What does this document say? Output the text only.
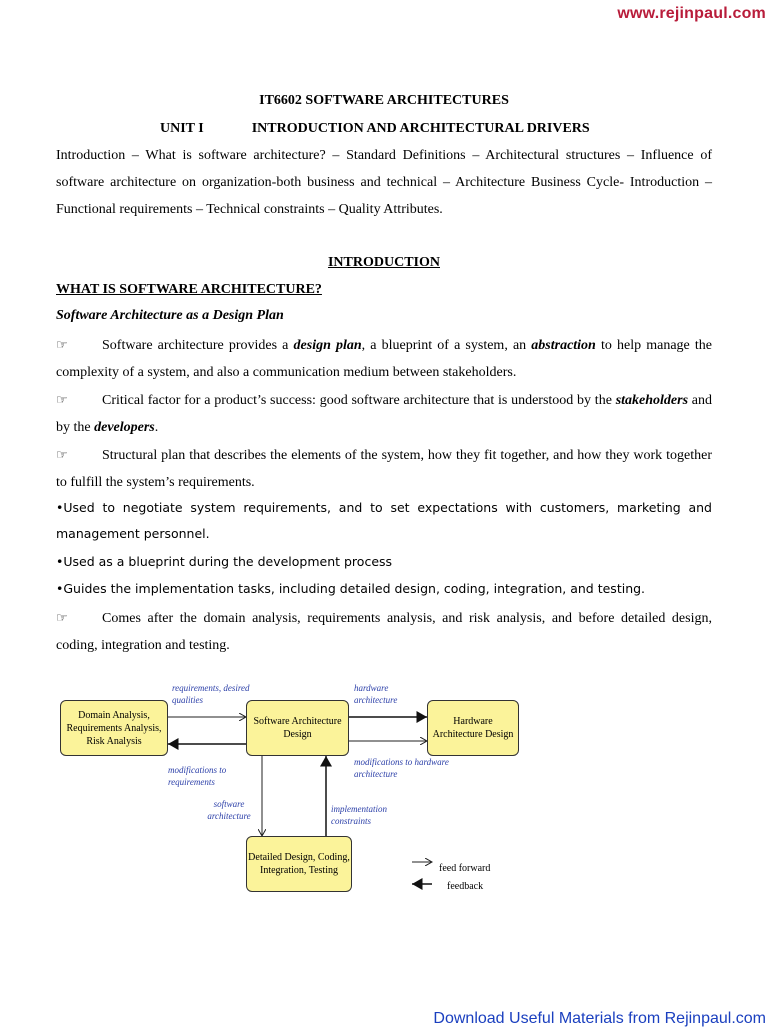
www.rejinpaul.com
IT6602 SOFTWARE ARCHITECTURES
UNIT I	INTRODUCTION AND ARCHITECTURAL DRIVERS
Introduction – What is software architecture? – Standard Definitions – Architectural structures – Influence of software architecture on organization-both business and technical – Architecture Business Cycle- Introduction – Functional requirements – Technical constraints – Quality Attributes.
INTRODUCTION
WHAT IS SOFTWARE ARCHITECTURE?
Software Architecture as a Design Plan
☞ Software architecture provides a design plan, a blueprint of a system, an abstraction to help manage the complexity of a system, and also a communication medium between stakeholders.
☞ Critical factor for a product’s success: good software architecture that is understood by the stakeholders and by the developers.
☞ Structural plan that describes the elements of the system, how they fit together, and how they work together to fulfill the system’s requirements.
•Used to negotiate system requirements, and to set expectations with customers, marketing and management personnel.
•Used as a blueprint during the development process
•Guides the implementation tasks, including detailed design, coding, integration, and testing.
☞ Comes after the domain analysis, requirements analysis, and risk analysis, and before detailed design, coding, integration and testing.
Domain Analysis, Requirements Analysis, Risk Analysis
Software Architecture Design
Hardware Architecture Design
Detailed Design, Coding, Integration, Testing
requirements, desired qualities
modifications to requirements
hardware architecture
modifications to hardware architecture
software architecture
implementation constraints
feed forward
feedback
Download Useful Materials from Rejinpaul.com
